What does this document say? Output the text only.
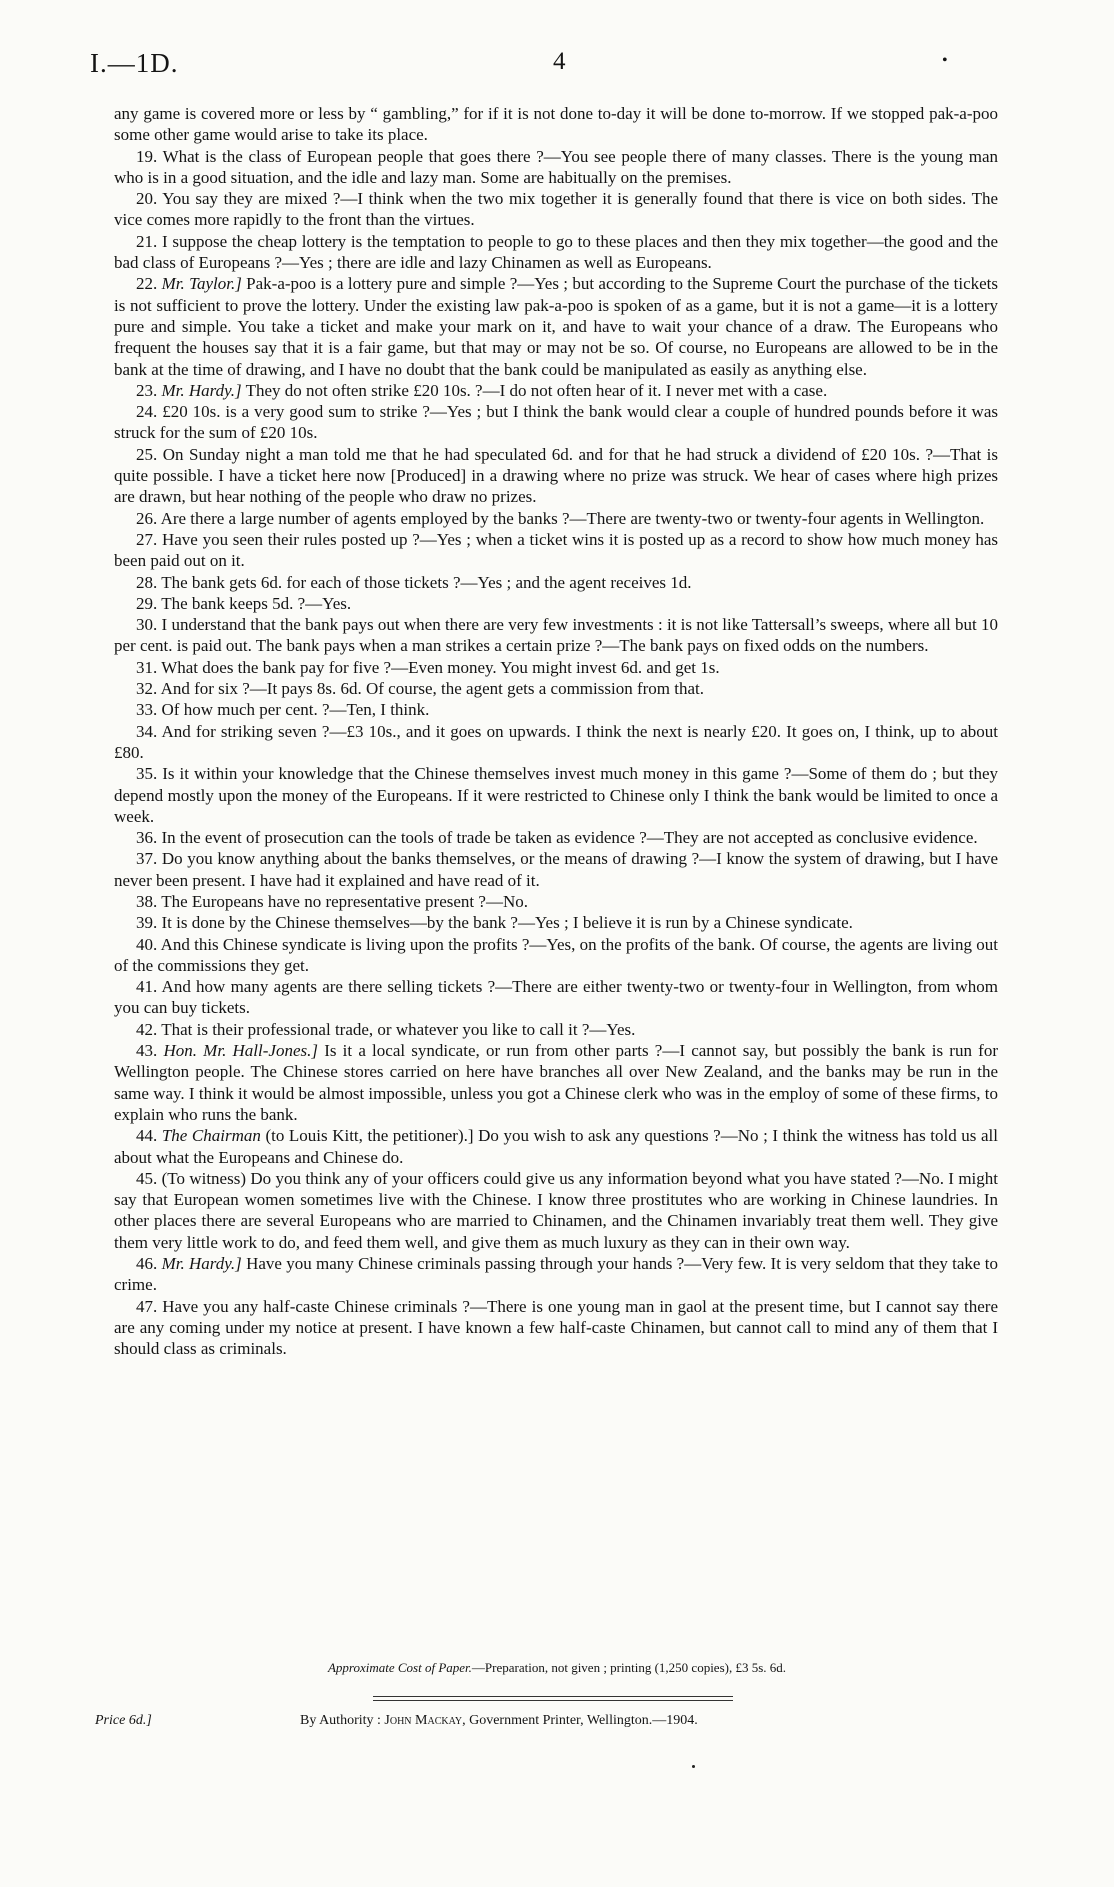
I.—1D.	4	•

any game is covered more or less by “ gambling,” for if it is not done to-day it will be done to-morrow. If we stopped pak-a-poo some other game would arise to take its place.

19. What is the class of European people that goes there ?—You see people there of many classes. There is the young man who is in a good situation, and the idle and lazy man. Some are habitually on the premises.

20. You say they are mixed ?—I think when the two mix together it is generally found that there is vice on both sides. The vice comes more rapidly to the front than the virtues.

21. I suppose the cheap lottery is the temptation to people to go to these places and then they mix together—the good and the bad class of Europeans ?—Yes ; there are idle and lazy Chinamen as well as Europeans.

22. Mr. Taylor.] Pak-a-poo is a lottery pure and simple ?—Yes ; but according to the Supreme Court the purchase of the tickets is not sufficient to prove the lottery. Under the existing law pak-a-poo is spoken of as a game, but it is not a game—it is a lottery pure and simple. You take a ticket and make your mark on it, and have to wait your chance of a draw. The Europeans who frequent the houses say that it is a fair game, but that may or may not be so. Of course, no Europeans are allowed to be in the bank at the time of drawing, and I have no doubt that the bank could be manipulated as easily as anything else.

23. Mr. Hardy.] They do not often strike £20 10s. ?—I do not often hear of it. I never met with a case.

24. £20 10s. is a very good sum to strike ?—Yes ; but I think the bank would clear a couple of hundred pounds before it was struck for the sum of £20 10s.

25. On Sunday night a man told me that he had speculated 6d. and for that he had struck a dividend of £20 10s. ?—That is quite possible. I have a ticket here now [Produced] in a drawing where no prize was struck. We hear of cases where high prizes are drawn, but hear nothing of the people who draw no prizes.

26. Are there a large number of agents employed by the banks ?—There are twenty-two or twenty-four agents in Wellington.

27. Have you seen their rules posted up ?—Yes ; when a ticket wins it is posted up as a record to show how much money has been paid out on it.

28. The bank gets 6d. for each of those tickets ?—Yes ; and the agent receives 1d.

29. The bank keeps 5d. ?—Yes.

30. I understand that the bank pays out when there are very few investments : it is not like Tattersall’s sweeps, where all but 10 per cent. is paid out. The bank pays when a man strikes a certain prize ?—The bank pays on fixed odds on the numbers.

31. What does the bank pay for five ?—Even money. You might invest 6d. and get 1s.

32. And for six ?—It pays 8s. 6d. Of course, the agent gets a commission from that.

33. Of how much per cent. ?—Ten, I think.

34. And for striking seven ?—£3 10s., and it goes on upwards. I think the next is nearly £20. It goes on, I think, up to about £80.

35. Is it within your knowledge that the Chinese themselves invest much money in this game ?—Some of them do ; but they depend mostly upon the money of the Europeans. If it were restricted to Chinese only I think the bank would be limited to once a week.

36. In the event of prosecution can the tools of trade be taken as evidence ?—They are not accepted as conclusive evidence.

37. Do you know anything about the banks themselves, or the means of drawing ?—I know the system of drawing, but I have never been present. I have had it explained and have read of it.

38. The Europeans have no representative present ?—No.

39. It is done by the Chinese themselves—by the bank ?—Yes ; I believe it is run by a Chinese syndicate.

40. And this Chinese syndicate is living upon the profits ?—Yes, on the profits of the bank. Of course, the agents are living out of the commissions they get.

41. And how many agents are there selling tickets ?—There are either twenty-two or twenty-four in Wellington, from whom you can buy tickets.

42. That is their professional trade, or whatever you like to call it ?—Yes.

43. Hon. Mr. Hall-Jones.] Is it a local syndicate, or run from other parts ?—I cannot say, but possibly the bank is run for Wellington people. The Chinese stores carried on here have branches all over New Zealand, and the banks may be run in the same way. I think it would be almost impossible, unless you got a Chinese clerk who was in the employ of some of these firms, to explain who runs the bank.

44. The Chairman (to Louis Kitt, the petitioner).] Do you wish to ask any questions ?—No ; I think the witness has told us all about what the Europeans and Chinese do.

45. (To witness) Do you think any of your officers could give us any information beyond what you have stated ?—No. I might say that European women sometimes live with the Chinese. I know three prostitutes who are working in Chinese laundries. In other places there are several Europeans who are married to Chinamen, and the Chinamen invariably treat them well. They give them very little work to do, and feed them well, and give them as much luxury as they can in their own way.

46. Mr. Hardy.] Have you many Chinese criminals passing through your hands ?—Very few. It is very seldom that they take to crime.

47. Have you any half-caste Chinese criminals ?—There is one young man in gaol at the present time, but I cannot say there are any coming under my notice at present. I have known a few half-caste Chinamen, but cannot call to mind any of them that I should class as criminals.

Approximate Cost of Paper.—Preparation, not given ; printing (1,250 copies), £3 5s. 6d.
Price 6d.]	By Authority : John Mackay, Government Printer, Wellington.—1904.
